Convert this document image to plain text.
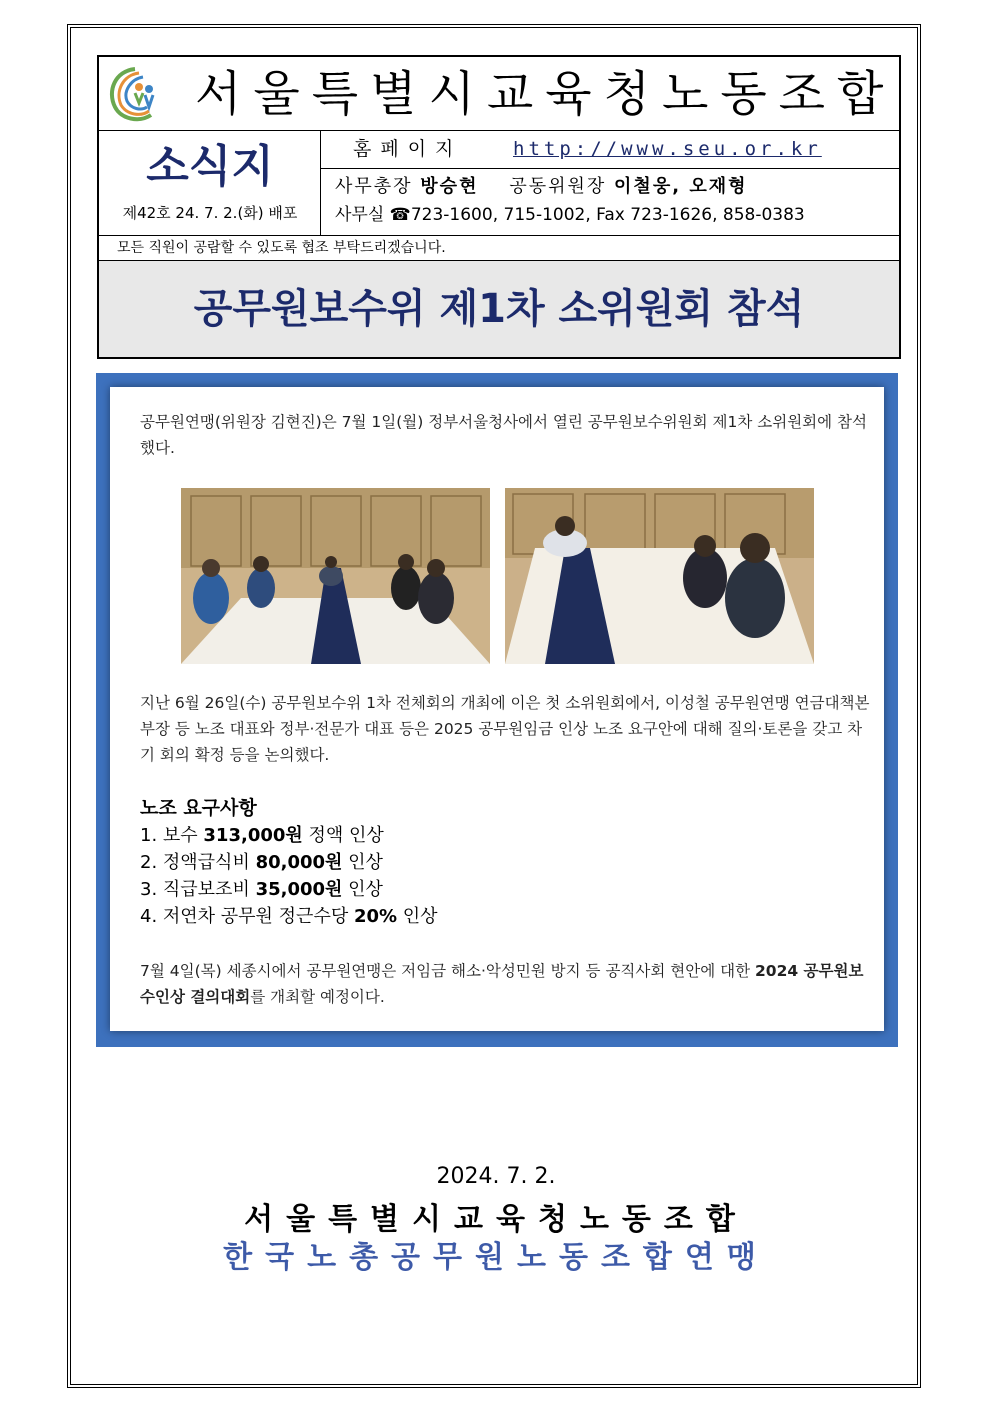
서울특별시교육청노동조합
소식지
제42호 24. 7. 2.(화) 배포
홈페이지	http://www.seu.or.kr
사무총장 방승현 공동위원장 이철웅, 오재형
사무실 ☎723-1600, 715-1002, Fax 723-1626, 858-0383
모든 직원이 공람할 수 있도록 협조 부탁드리겠습니다.
공무원보수위 제1차 소위원회 참석
공무원연맹(위원장 김현진)은 7월 1일(월) 정부서울청사에서 열린 공무원보수위원회 제1차 소위원회에 참석했다.
지난 6월 26일(수) 공무원보수위 1차 전체회의 개최에 이은 첫 소위원회에서, 이성철 공무원연맹 연금대책본부장 등 노조 대표와 정부·전문가 대표 등은 2025 공무원임금 인상 노조 요구안에 대해 질의·토론을 갖고 차기 회의 확정 등을 논의했다.
노조 요구사항
1. 보수 313,000원 정액 인상
2. 정액급식비 80,000원 인상
3. 직급보조비 35,000원 인상
4. 저연차 공무원 정근수당 20% 인상
7월 4일(목) 세종시에서 공무원연맹은 저임금 해소·악성민원 방지 등 공직사회 현안에 대한 2024 공무원보수인상 결의대회를 개최할 예정이다.
2024. 7. 2.
서울특별시교육청노동조합
한국노총공무원노동조합연맹
